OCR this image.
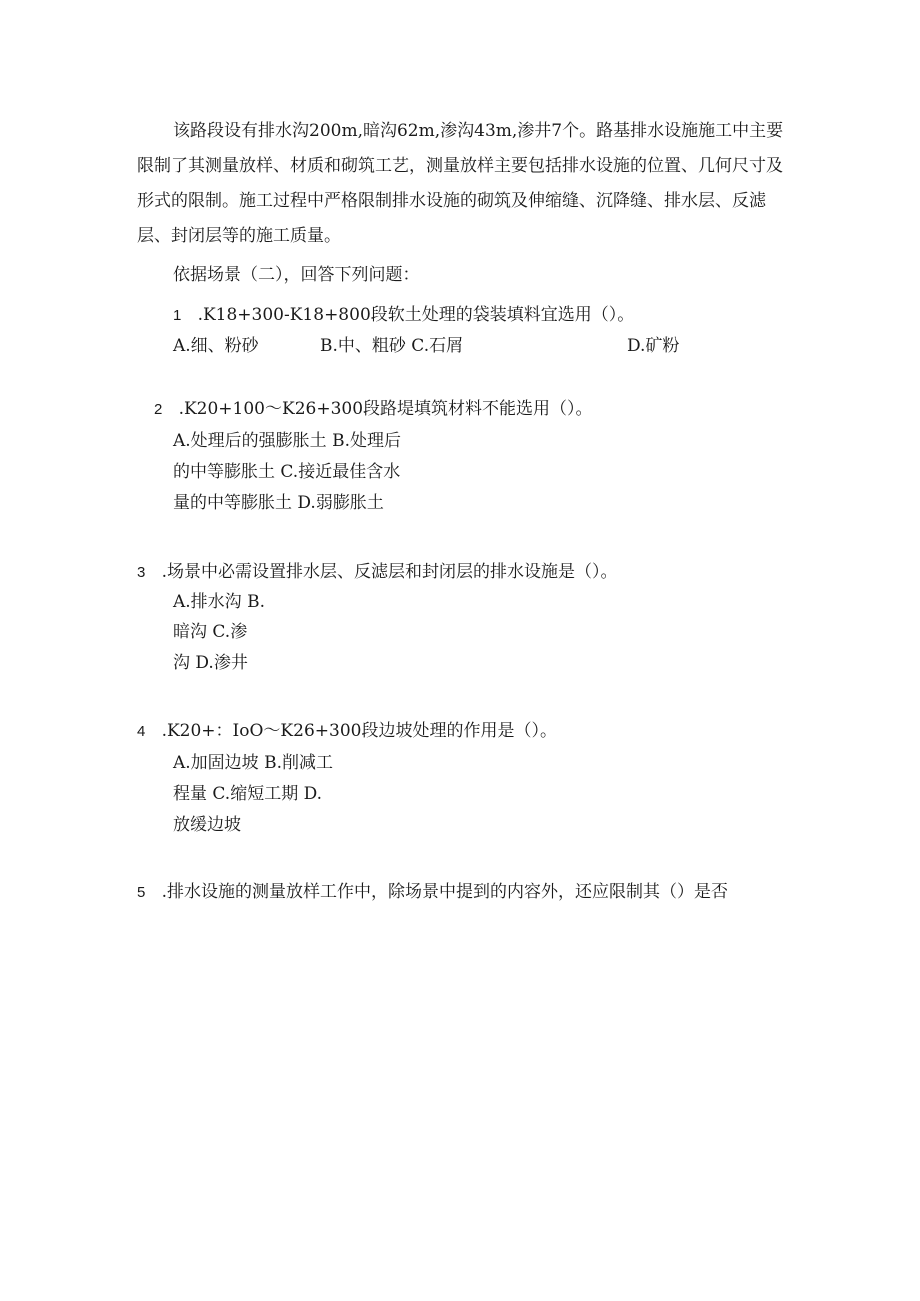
该路段设有排水沟200m,暗沟62m,渗沟43m,渗井7个。路基排水设施施工中主要限制了其测量放样、材质和砌筑工艺，测量放样主要包括排水设施的位置、几何尺寸及形式的限制。施工过程中严格限制排水设施的砌筑及伸缩缝、沉降缝、排水层、反滤层、封闭层等的施工质量。

依据场景（二），回答下列问题：

1 .K18+300-K18+800段软土处理的袋装填料宜选用（）。

A.细、粉砂	B.中、粗砂 C.石屑	D.矿粉

2 .K20+100～K26+300段路堤填筑材料不能选用（）。

A.处理后的强膨胀土 B.处理后
的中等膨胀土 C.接近最佳含水
量的中等膨胀土 D.弱膨胀土

3 .场景中必需设置排水层、反滤层和封闭层的排水设施是（）。

A.排水沟 B.
暗沟 C.渗
沟 D.渗井

4 .K20+：IoO～K26+300段边坡处理的作用是（）。

A.加固边坡 B.削减工
程量 C.缩短工期 D.
放缓边坡

5 .排水设施的测量放样工作中，除场景中提到的内容外，还应限制其（）是否
